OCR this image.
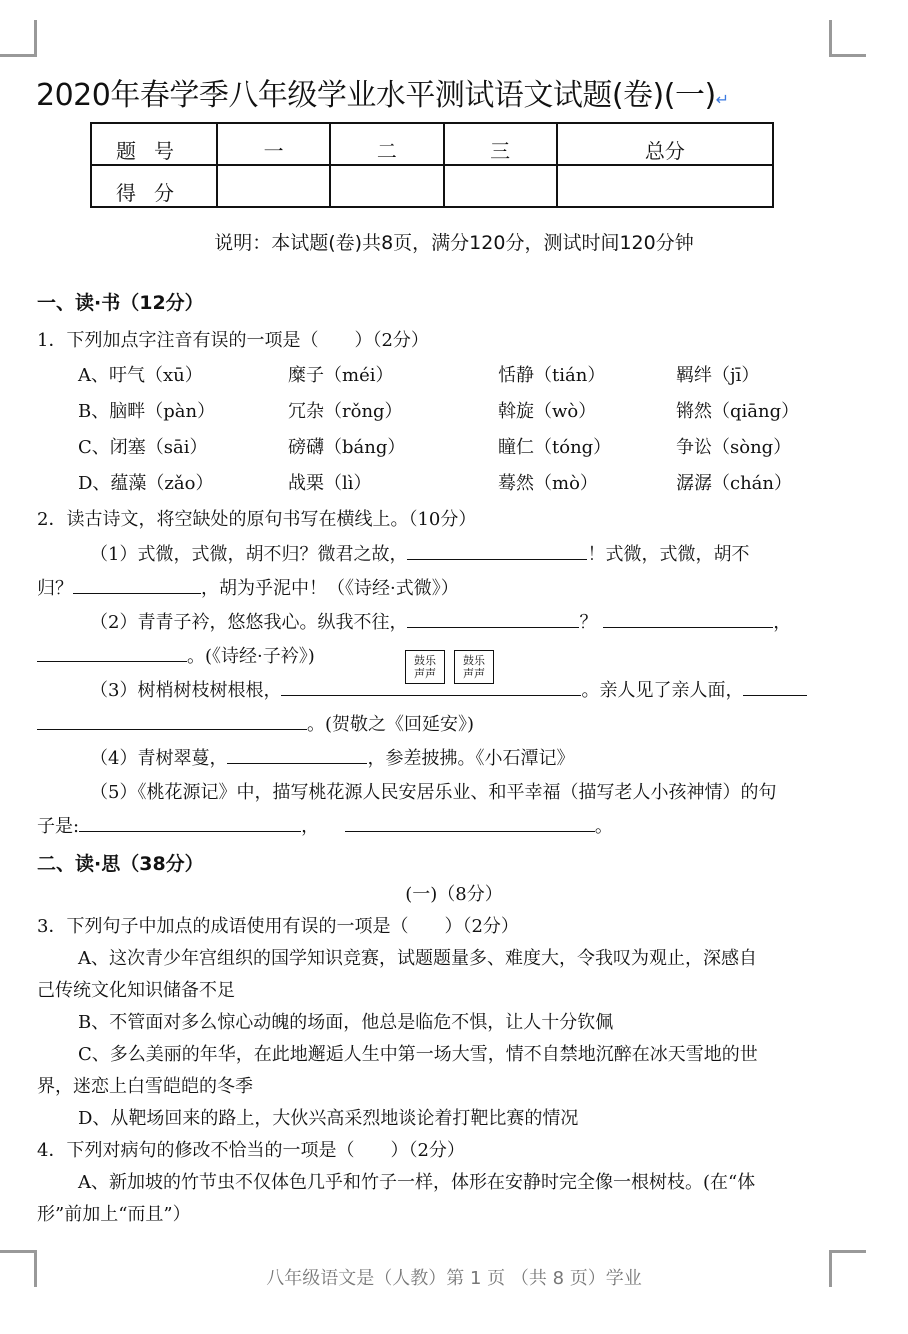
2020年春学季八年级学业水平测试语文试题(卷)(一)↵
题号	一	二	三	总分
得分				
说明：本试题(卷)共8页，满分120分，测试时间120分钟
一、读·书（12分）
1．下列加点字注音有误的一项是（　　）（2分）
A、吁气（xū）	糜子（méi）	恬静（tián）	羁绊（jī）
B、脑畔（pàn）	冗杂（rǒng）	斡旋（wò）	锵然（qiāng）
C、闭塞（sāi）	磅礴（báng）	瞳仁（tóng）	争讼（sòng）
D、蕴藻（zǎo）	战栗（lì）	蓦然（mò）	潺潺（chán）
2．读古诗文，将空缺处的原句书写在横线上。（10分）
（1）式微，式微，胡不归？微君之故，	！式微，式微，胡不
归？	，胡为乎泥中！（《诗经·式微》）
（2）青青子衿，悠悠我心。纵我不往，	？	，
。(《诗经·子衿》)	鼓乐
声声
鼓乐
声声
（3）树梢树枝树根根，	。亲人见了亲人面，
。(贺敬之《回延安》)
（4）青树翠蔓，	，参差披拂。《小石潭记》
（5）《桃花源记》中，描写桃花源人民安居乐业、和平幸福（描写老人小孩神情）的句
子是:	，	。
二、读·思（38分）
(一)（8分）
3．下列句子中加点的成语使用有误的一项是（　　）（2分）
A、这次青少年宫组织的国学知识竞赛，试题题量多、难度大，令我叹为观止，深感自
己传统文化知识储备不足
B、不管面对多么惊心动魄的场面，他总是临危不惧，让人十分钦佩
C、多么美丽的年华，在此地邂逅人生中第一场大雪，情不自禁地沉醉在冰天雪地的世
界，迷恋上白雪皑皑的冬季
D、从靶场回来的路上，大伙兴高采烈地谈论着打靶比赛的情况
4．下列对病句的修改不恰当的一项是（　　）（2分）
A、新加坡的竹节虫不仅体色几乎和竹子一样，体形在安静时完全像一根树枝。(在“体
形”前加上“而且”）
八年级语文是（人教）第 1 页 （共 8 页）学业
